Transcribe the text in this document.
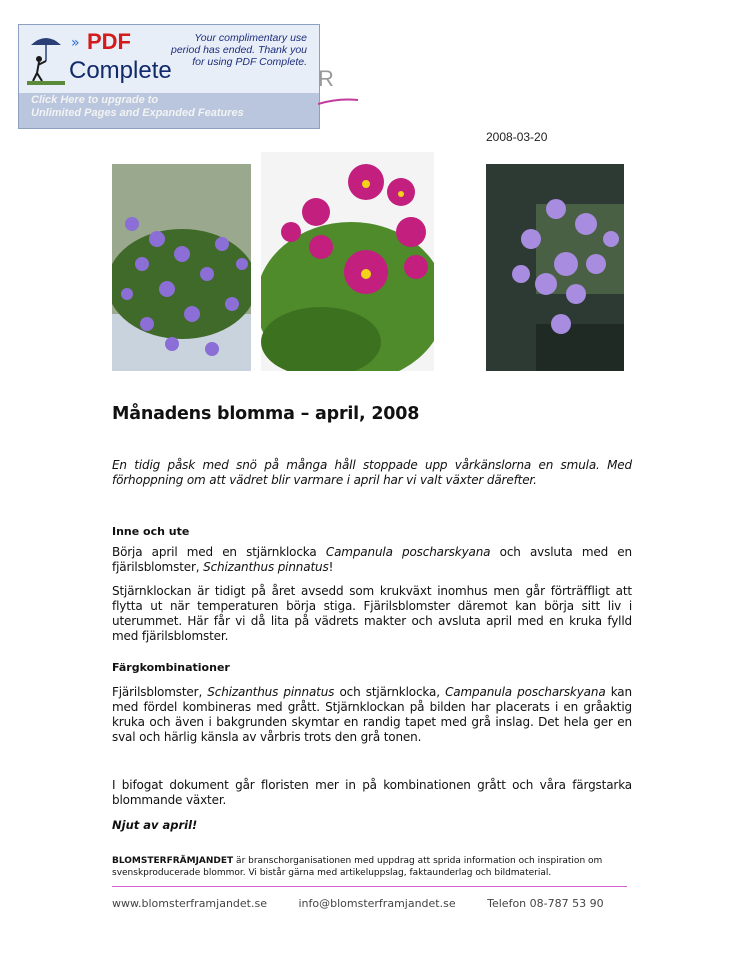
» PDF
Complete
Your complimentary use period has ended. Thank you for using PDF Complete.
Click Here to upgrade to
Unlimited Pages and Expanded Features
R
2008-03-20
Månadens blomma – april, 2008
En tidig påsk med snö på många håll stoppade upp vårkänslorna en smula. Med förhoppning om att vädret blir varmare i april har vi valt växter därefter.
Inne och ute
Börja april med en stjärnklocka Campanula poscharskyana och avsluta med en fjärilsblomster, Schizanthus pinnatus!
Stjärnklockan är tidigt på året avsedd som krukväxt inomhus men går förträffligt att flytta ut när temperaturen börja stiga. Fjärilsblomster däremot kan börja sitt liv i uterummet. Här får vi då lita på vädrets makter och avsluta april med en kruka fylld med fjärilsblomster.
Färgkombinationer
Fjärilsblomster, Schizanthus pinnatus och stjärnklocka, Campanula poscharskyana kan med fördel kombineras med grått. Stjärnklockan på bilden har placerats i en gråaktig kruka och även i bakgrunden skymtar en randig tapet med grå inslag. Det hela ger en sval och härlig känsla av vårbris trots den grå tonen.
I bifogat dokument går floristen mer in på kombinationen grått och våra färgstarka blommande växter.
Njut av april!
BLOMSTERFRÄMJANDET är branschorganisationen med uppdrag att sprida information och inspiration om svenskproducerade blommor. Vi bistår gärna med artikeluppslag, faktaunderlag och bildmaterial.
www.blomsterframjandet.se	info@blomsterframjandet.se	Telefon 08-787 53 90
